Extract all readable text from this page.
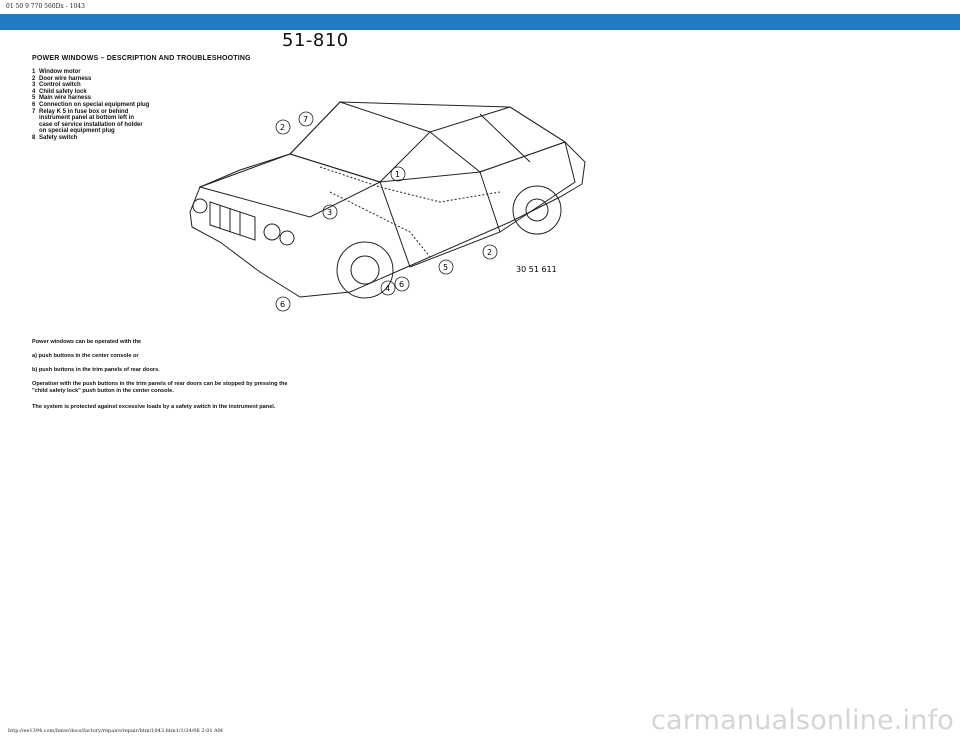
01 50 9 770 560Dx - 1043
51-810
POWER WINDOWS – DESCRIPTION AND TROUBLESHOOTING
1 Window motor
2 Door wire harness
3 Control switch
4 Child safety lock
5 Main wire harness
6 Connection on special equipment plug
7 Relay K 5 in fuse box or behind instrument panel at bottom left in case of service installation of holder on special equipment plug
8 Safety switch
2
7
1
3
2
5
4 6
6
30 51 611
Power windows can be operated with the
a) push buttons in the center console or
b) push buttons in the trim panels of rear doors.
Operation with the push buttons in the trim panels of rear doors can be stopped by pressing the "child safety lock" push button in the center console.
The system is protected against excessive loads by a safety switch in the instrument panel.
http://ee1394.com/bmw/docs/factory/repairs/repair/htm/1043.htm1/1/24/06 2:01 AM	carmanualsonline.info
